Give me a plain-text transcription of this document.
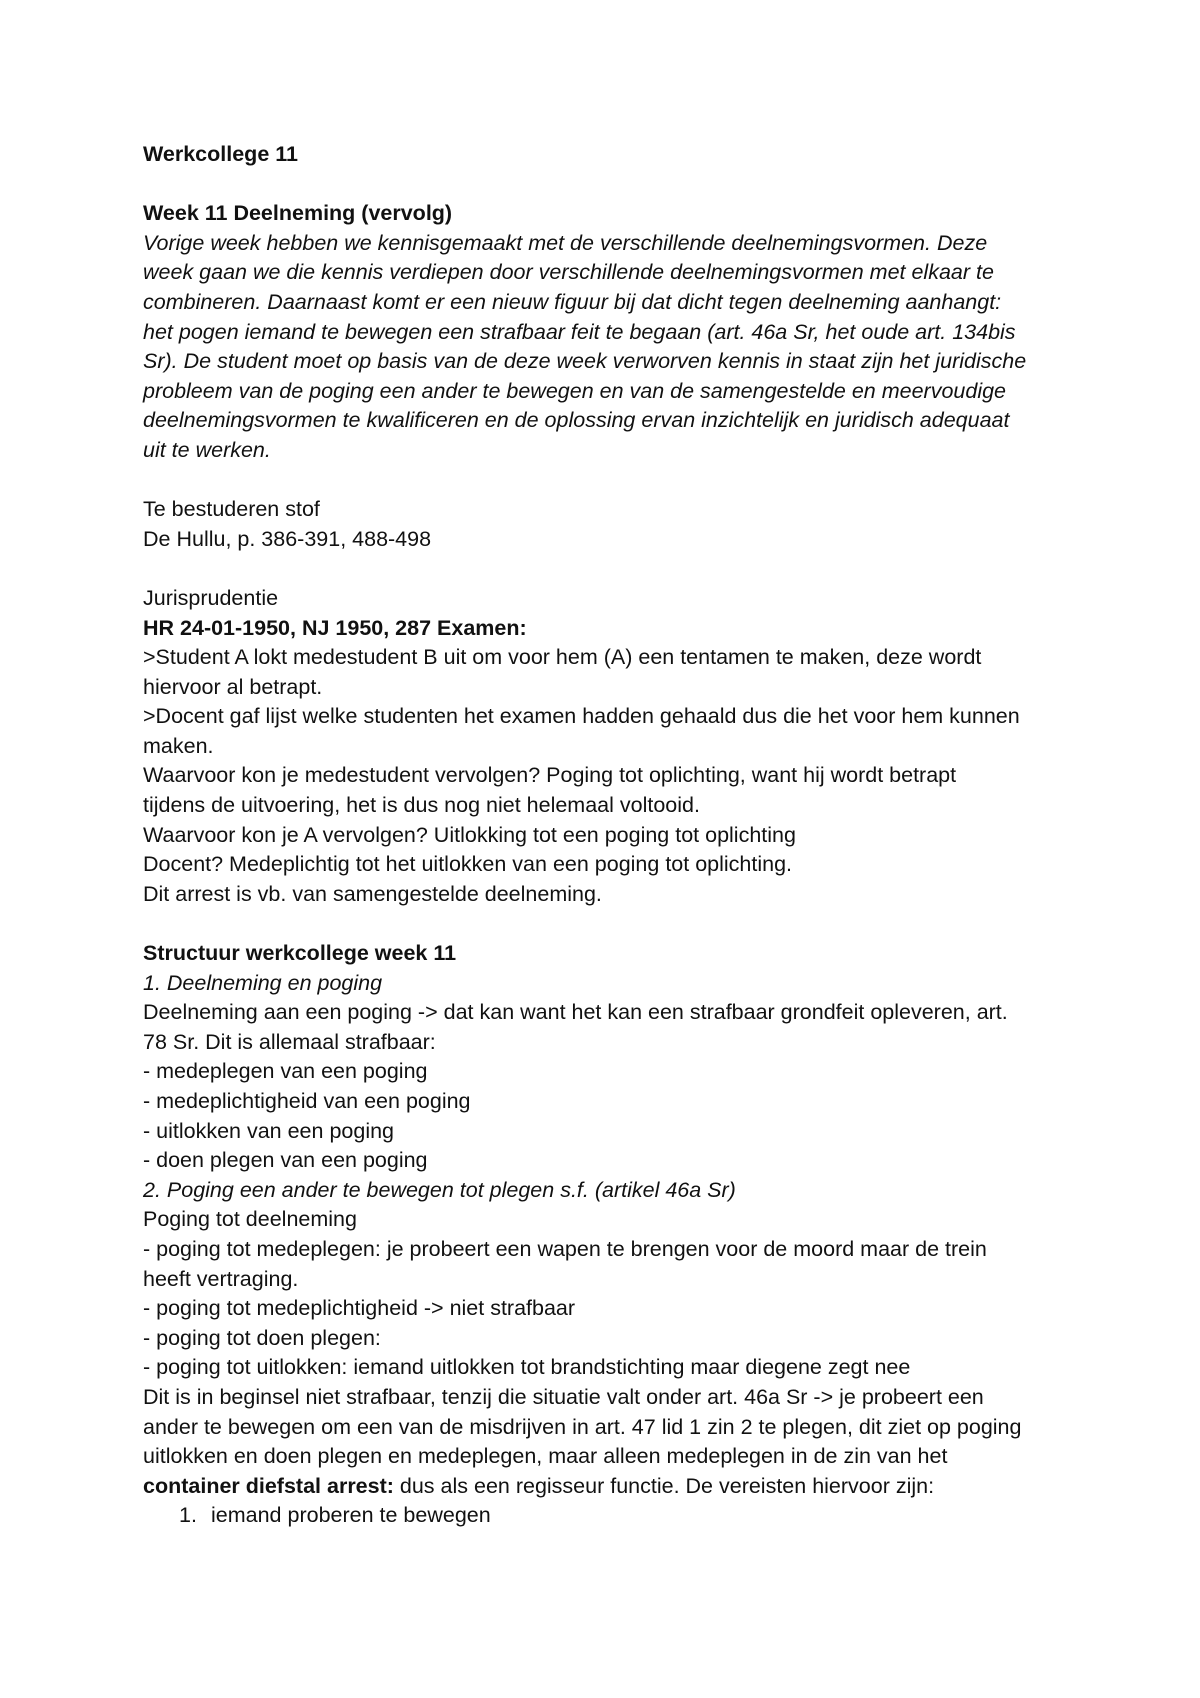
Werkcollege 11
Week 11 Deelneming (vervolg)
Vorige week hebben we kennisgemaakt met de verschillende deelnemingsvormen. Deze
week gaan we die kennis verdiepen door verschillende deelnemingsvormen met elkaar te
combineren. Daarnaast komt er een nieuw figuur bij dat dicht tegen deelneming aanhangt:
het pogen iemand te bewegen een strafbaar feit te begaan (art. 46a Sr, het oude art. 134bis
Sr). De student moet op basis van de deze week verworven kennis in staat zijn het juridische
probleem van de poging een ander te bewegen en van de samengestelde en meervoudige
deelnemingsvormen te kwalificeren en de oplossing ervan inzichtelijk en juridisch adequaat
uit te werken.
Te bestuderen stof
De Hullu, p. 386-391, 488-498
Jurisprudentie
HR 24-01-1950, NJ 1950, 287 Examen:
>Student A lokt medestudent B uit om voor hem (A) een tentamen te maken, deze wordt
hiervoor al betrapt.
>Docent gaf lijst welke studenten het examen hadden gehaald dus die het voor hem kunnen
maken.
Waarvoor kon je medestudent vervolgen? Poging tot oplichting, want hij wordt betrapt
tijdens de uitvoering, het is dus nog niet helemaal voltooid.
Waarvoor kon je A vervolgen? Uitlokking tot een poging tot oplichting
Docent? Medeplichtig tot het uitlokken van een poging tot oplichting.
Dit arrest is vb. van samengestelde deelneming.
Structuur werkcollege week 11
1. Deelneming en poging
Deelneming aan een poging -> dat kan want het kan een strafbaar grondfeit opleveren, art.
78 Sr. Dit is allemaal strafbaar:
- medeplegen van een poging
- medeplichtigheid van een poging
- uitlokken van een poging
- doen plegen van een poging
2. Poging een ander te bewegen tot plegen s.f. (artikel 46a Sr)
Poging tot deelneming
- poging tot medeplegen: je probeert een wapen te brengen voor de moord maar de trein
heeft vertraging.
- poging tot medeplichtigheid -> niet strafbaar
- poging tot doen plegen:
- poging tot uitlokken: iemand uitlokken tot brandstichting maar diegene zegt nee
Dit is in beginsel niet strafbaar, tenzij die situatie valt onder art. 46a Sr -> je probeert een
ander te bewegen om een van de misdrijven in art. 47 lid 1 zin 2 te plegen, dit ziet op poging
uitlokken en doen plegen en medeplegen, maar alleen medeplegen in de zin van het
container diefstal arrest: dus als een regisseur functie. De vereisten hiervoor zijn:
1. iemand proberen te bewegen
